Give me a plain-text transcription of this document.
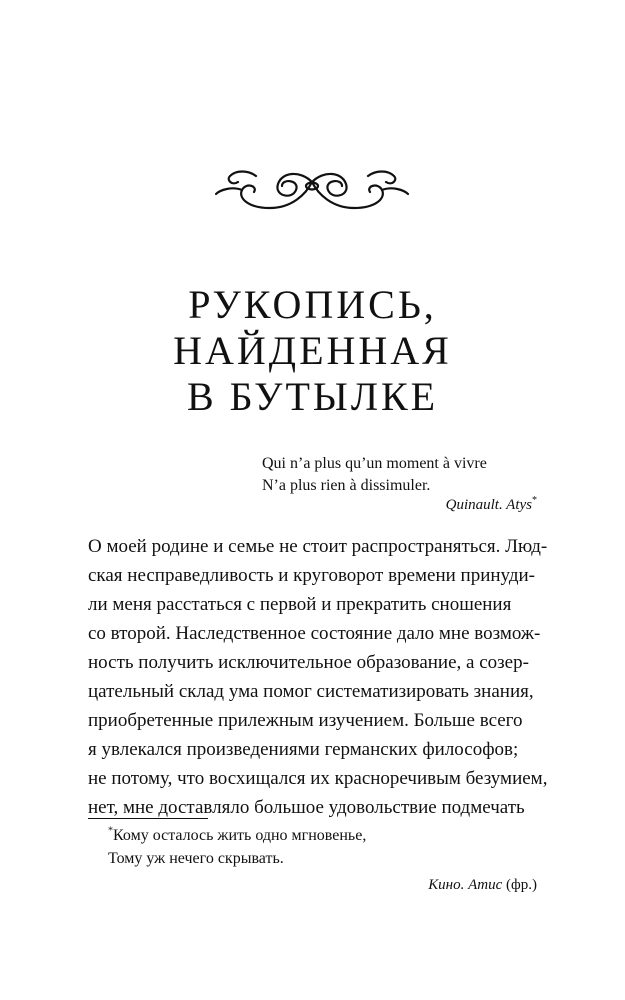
РУКОПИСЬ,
НАЙДЕННАЯ
В БУТЫЛКЕ
Qui n’a plus qu’un moment à vivre
N’a plus rien à dissimuler.
Quinault. Atys*
О моей родине и семье не стоит распространяться. Люд-
ская несправедливость и круговорот времени принуди-
ли меня расстаться с первой и прекратить сношения
со второй. Наследственное состояние дало мне возмож-
ность получить исключительное образование, а созер-
цательный склад ума помог систематизировать знания,
приобретенные прилежным изучением. Больше всего
я увлекался произведениями германских философов;
не потому, что восхищался их красноречивым безумием,
нет, мне доставляло большое удовольствие подмечать
*Кому осталось жить одно мгновенье,
Тому уж нечего скрывать.
Кино. Атис (фр.)
